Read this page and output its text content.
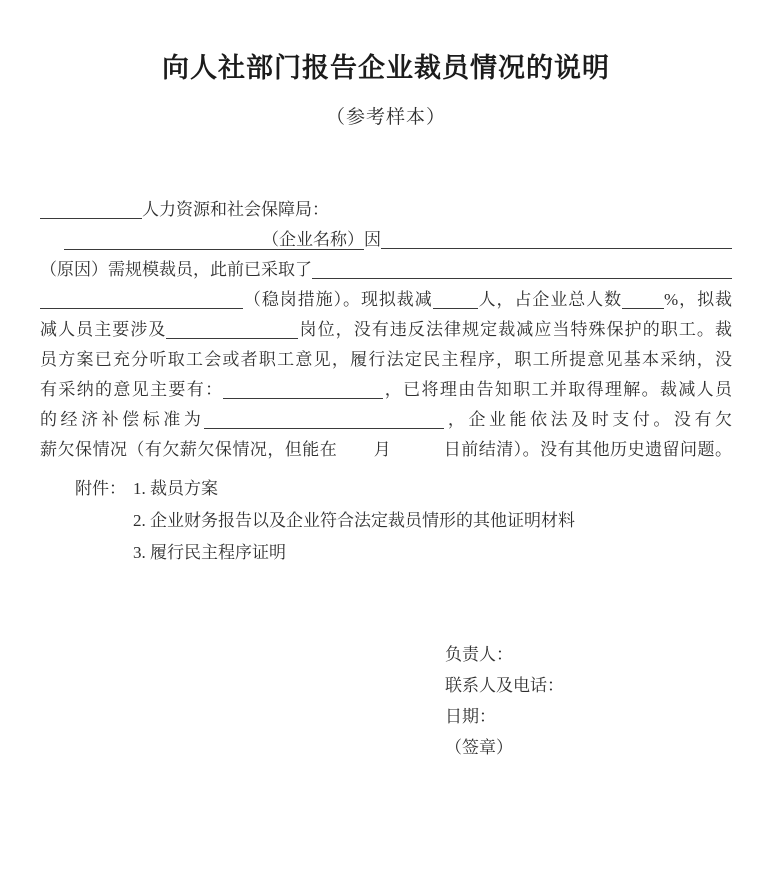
向人社部门报告企业裁员情况的说明
（参考样本）
人力资源和社会保障局：
（企业名称）因
（原因）需规模裁员，此前已采取了
（稳岗措施）。现拟裁减	人，占企业总人数 %，拟裁
减人员主要涉及	岗位，没有违反法律规定裁减应当特殊保护的职工。裁
员方案已充分听取工会或者职工意见，履行法定民主程序，职工所提意见基本采纳，没
有采纳的意见主要有：	，已将理由告知职工并取得理解。裁减人员
的经济补偿标准为	，企业能依法及时支付。没有欠
薪欠保情况（有欠薪欠保情况，但能在 月	日前结清）。没有其他历史遗留问题。
附件： 1. 裁员方案
2. 企业财务报告以及企业符合法定裁员情形的其他证明材料
3. 履行民主程序证明
负责人：
联系人及电话：
日期：
（签章）
